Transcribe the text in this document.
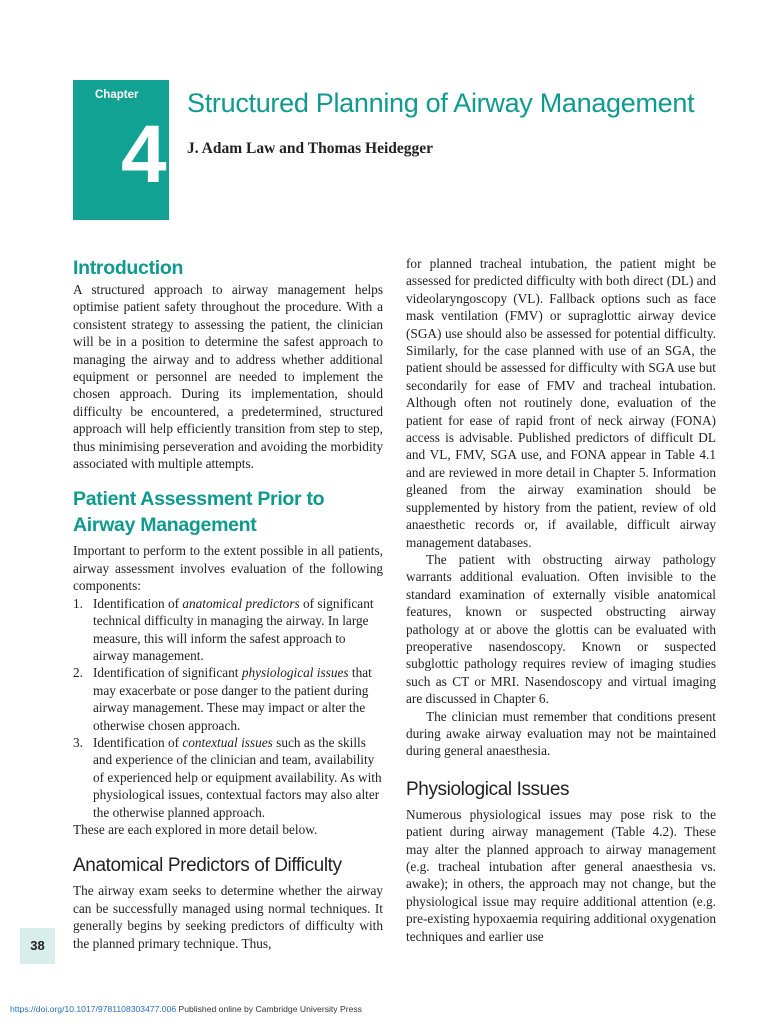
Chapter
4
Structured Planning of Airway Management
J. Adam Law and Thomas Heidegger
Introduction

A structured approach to airway management helps optimise patient safety throughout the procedure. With a consistent strategy to assessing the patient, the clinician will be in a position to determine the safest approach to managing the airway and to address whether additional equipment or personnel are needed to implement the chosen approach. During its implementation, should difficulty be encountered, a predetermined, structured approach will help efficiently transition from step to step, thus minimising perseveration and avoiding the morbidity associated with multiple attempts.

Patient Assessment Prior to Airway Management

Important to perform to the extent possible in all patients, airway assessment involves evaluation of the following components:

1. Identification of anatomical predictors of significant technical difficulty in managing the airway. In large measure, this will inform the safest approach to airway management.
2. Identification of significant physiological issues that may exacerbate or pose danger to the patient during airway management. These may impact or alter the otherwise chosen approach.
3. Identification of contextual issues such as the skills and experience of the clinician and team, availability of experienced help or equipment availability. As with physiological issues, contextual factors may also alter the otherwise planned approach.

These are each explored in more detail below.

Anatomical Predictors of Difficulty

The airway exam seeks to determine whether the airway can be successfully managed using normal techniques. It generally begins by seeking predictors of difficulty with the planned primary technique. Thus,

for planned tracheal intubation, the patient might be assessed for predicted difficulty with both direct (DL) and videolaryngoscopy (VL). Fallback options such as face mask ventilation (FMV) or supraglottic airway device (SGA) use should also be assessed for potential difficulty. Similarly, for the case planned with use of an SGA, the patient should be assessed for difficulty with SGA use but secondarily for ease of FMV and tracheal intubation. Although often not routinely done, evaluation of the patient for ease of rapid front of neck airway (FONA) access is advisable. Published predictors of difficult DL and VL, FMV, SGA use, and FONA appear in Table 4.1 and are reviewed in more detail in Chapter 5. Information gleaned from the airway examination should be supplemented by history from the patient, review of old anaesthetic records or, if available, difficult airway management databases.

The patient with obstructing airway pathology warrants additional evaluation. Often invisible to the standard examination of externally visible anatomical features, known or suspected obstructing airway pathology at or above the glottis can be evaluated with preoperative nasendoscopy. Known or suspected subglottic pathology requires review of imaging studies such as CT or MRI. Nasendoscopy and virtual imaging are discussed in Chapter 6.

The clinician must remember that conditions present during awake airway evaluation may not be maintained during general anaesthesia.

Physiological Issues

Numerous physiological issues may pose risk to the patient during airway management (Table 4.2). These may alter the planned approach to airway management (e.g. tracheal intubation after general anaesthesia vs. awake); in others, the approach may not change, but the physiological issue may require additional attention (e.g. pre-existing hypoxaemia requiring additional oxygenation techniques and earlier use

38
https://doi.org/10.1017/9781108303477.006 Published online by Cambridge University Press
